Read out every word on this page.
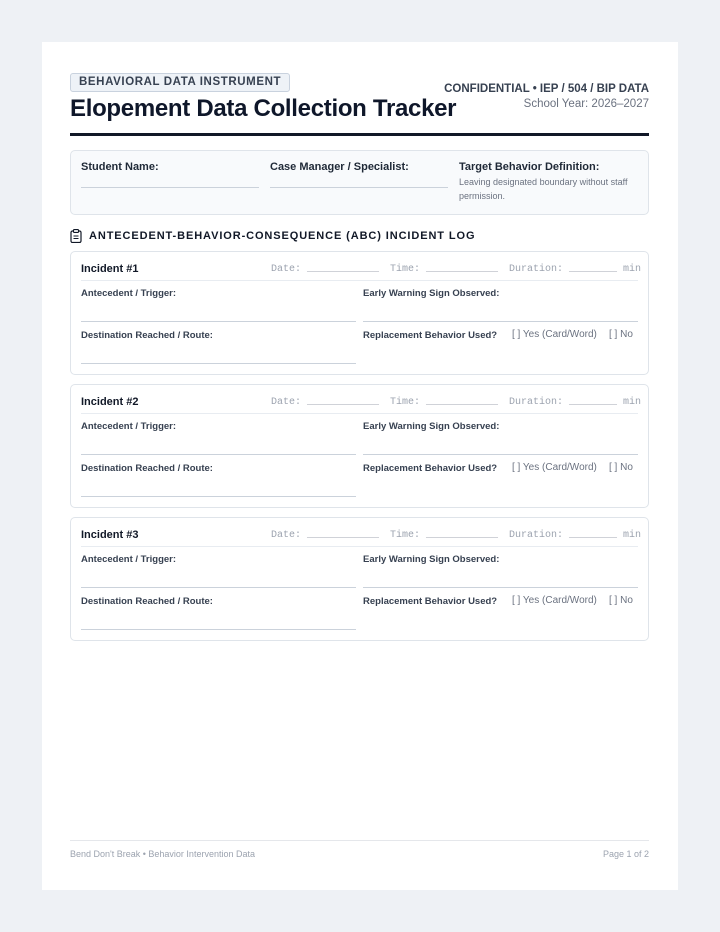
BEHAVIORAL DATA INSTRUMENT
Elopement Data Collection Tracker
CONFIDENTIAL • IEP / 504 / BIP DATA
School Year: 2026–2027
Student Name:	Case Manager / Specialist:	Target Behavior Definition:
Leaving designated boundary without staff permission.
ANTECEDENT-BEHAVIOR-CONSEQUENCE (ABC) INCIDENT LOG
Incident #1	Date: ____________ Time: ____________ Duration: ________ min
Antecedent / Trigger:	Early Warning Sign Observed:
Destination Reached / Route:	Replacement Behavior Used? [ ] Yes (Card/Word) [ ] No
Incident #2	Date: ____________ Time: ____________ Duration: ________ min
Antecedent / Trigger:	Early Warning Sign Observed:
Destination Reached / Route:	Replacement Behavior Used? [ ] Yes (Card/Word) [ ] No
Incident #3	Date: ____________ Time: ____________ Duration: ________ min
Antecedent / Trigger:	Early Warning Sign Observed:
Destination Reached / Route:	Replacement Behavior Used? [ ] Yes (Card/Word) [ ] No
Bend Don't Break • Behavior Intervention Data	Page 1 of 2
